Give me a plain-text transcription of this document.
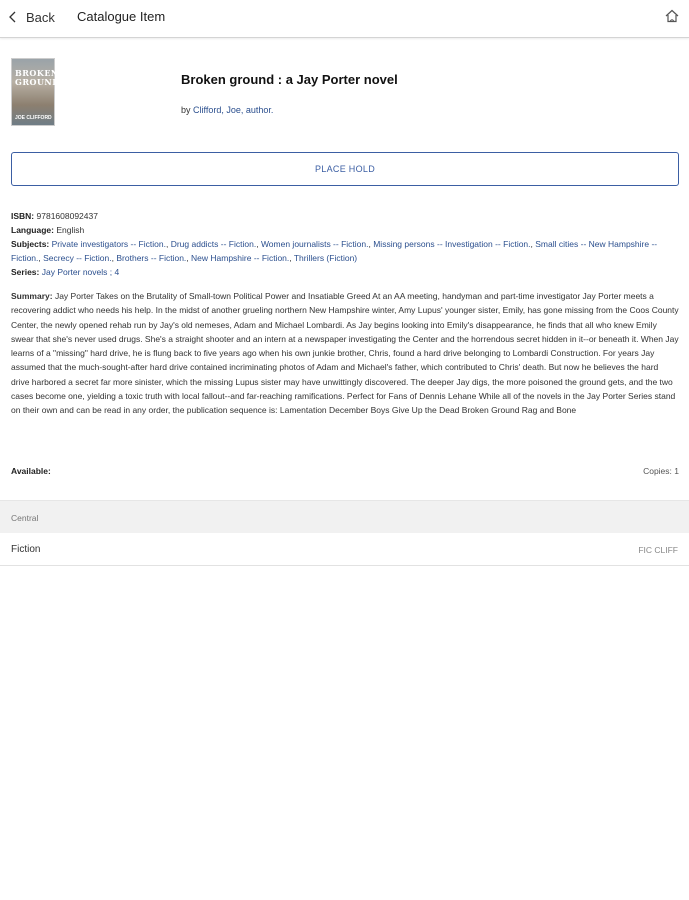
Back Catalogue Item
BROKEN
GROUND
JOE CLIFFORD
Broken ground : a Jay Porter novel
by Clifford, Joe, author.
PLACE HOLD
ISBN: 9781608092437
Language: English
Subjects: Private investigators -- Fiction., Drug addicts -- Fiction., Women journalists -- Fiction., Missing persons -- Investigation -- Fiction., Small cities -- New Hampshire -- Fiction., Secrecy -- Fiction., Brothers -- Fiction., New Hampshire -- Fiction., Thrillers (Fiction)
Series: Jay Porter novels ; 4
Summary: Jay Porter Takes on the Brutality of Small-town Political Power and Insatiable Greed At an AA meeting, handyman and part-time investigator Jay Porter meets a recovering addict who needs his help. In the midst of another grueling northern New Hampshire winter, Amy Lupus' younger sister, Emily, has gone missing from the Coos County Center, the newly opened rehab run by Jay's old nemeses, Adam and Michael Lombardi. As Jay begins looking into Emily's disappearance, he finds that all who knew Emily swear that she's never used drugs. She's a straight shooter and an intern at a newspaper investigating the Center and the horrendous secret hidden in it--or beneath it. When Jay learns of a "missing" hard drive, he is flung back to five years ago when his own junkie brother, Chris, found a hard drive belonging to Lombardi Construction. For years Jay assumed that the much-sought-after hard drive contained incriminating photos of Adam and Michael's father, which contributed to Chris' death. But now he believes the hard drive harbored a secret far more sinister, which the missing Lupus sister may have unwittingly discovered. The deeper Jay digs, the more poisoned the ground gets, and the two cases become one, yielding a toxic truth with local fallout--and far-reaching ramifications. Perfect for Fans of Dennis Lehane While all of the novels in the Jay Porter Series stand on their own and can be read in any order, the publication sequence is: Lamentation December Boys Give Up the Dead Broken Ground Rag and Bone
Available:	Copies: 1
Central
Fiction	FIC CLIFF
